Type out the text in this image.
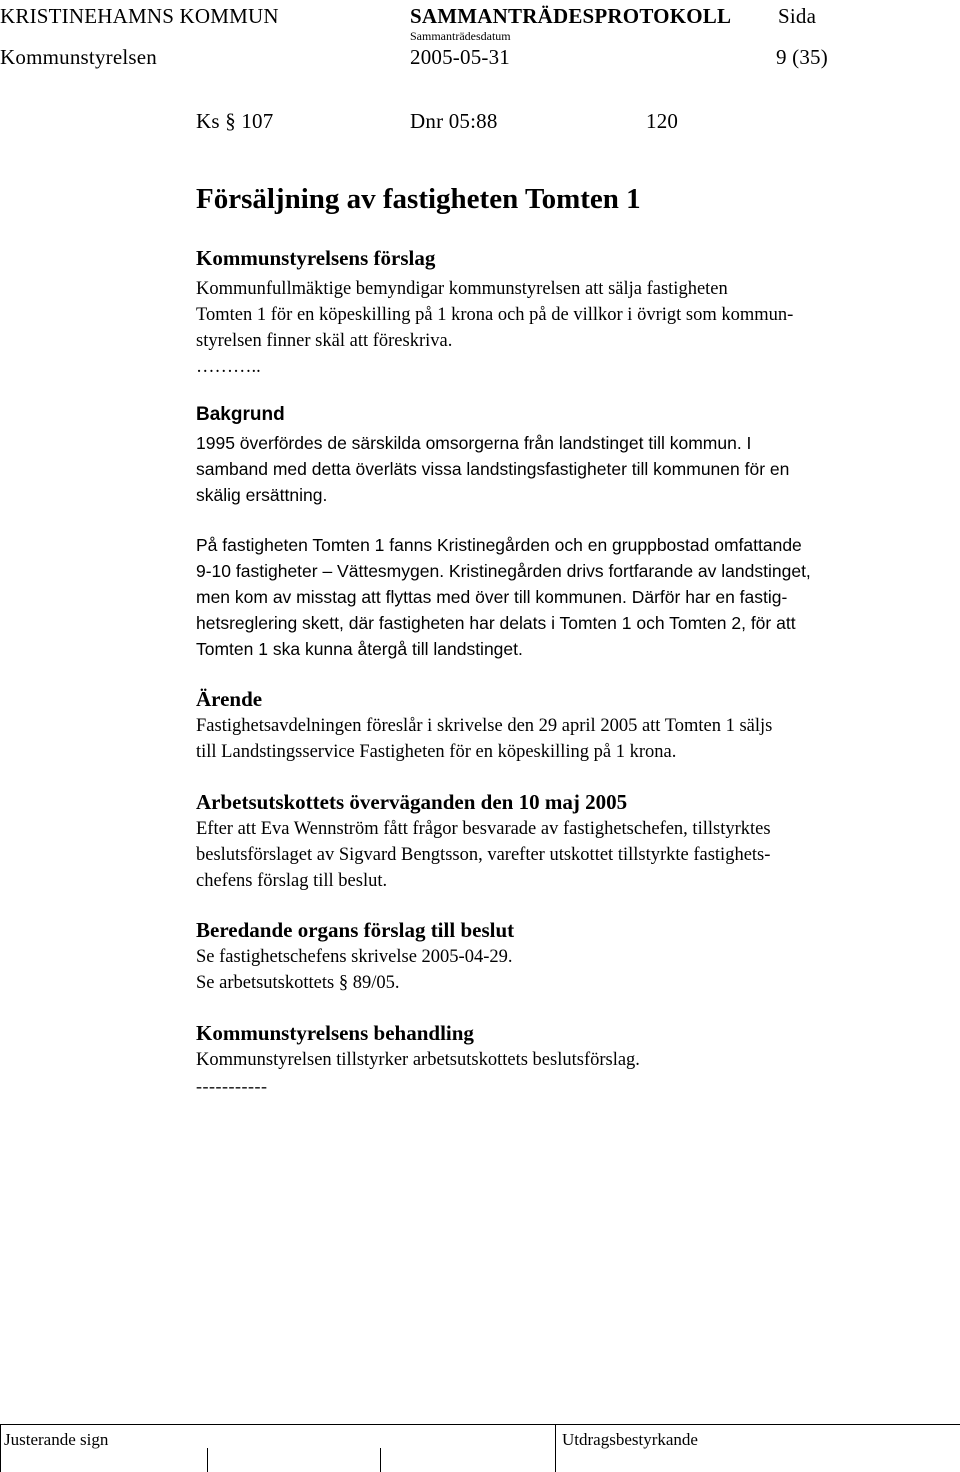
KRISTINEHAMNS KOMMUN	SAMMANTRÄDESPROTOKOLL Sida
Sammanträdesdatum
Kommunstyrelsen	2005-05-31	9 (35)
Ks § 107	Dnr 05:88	120
Försäljning av fastigheten Tomten 1
Kommunstyrelsens förslag
Kommunfullmäktige bemyndigar kommunstyrelsen att sälja fastigheten
Tomten 1 för en köpeskilling på 1 krona och på de villkor i övrigt som kommun-
styrelsen finner skäl att föreskriva.
………..
Bakgrund
1995 överfördes de särskilda omsorgerna från landstinget till kommun. I
samband med detta överläts vissa landstingsfastigheter till kommunen för en
skälig ersättning.
På fastigheten Tomten 1 fanns Kristinegården och en gruppbostad omfattande
9-10 fastigheter – Vättesmygen. Kristinegården drivs fortfarande av landstinget,
men kom av misstag att flyttas med över till kommunen. Därför har en fastig-
hetsreglering skett, där fastigheten har delats i Tomten 1 och Tomten 2, för att
Tomten 1 ska kunna återgå till landstinget.
Ärende
Fastighetsavdelningen föreslår i skrivelse den 29 april 2005 att Tomten 1 säljs
till Landstingsservice Fastigheten för en köpeskilling på 1 krona.
Arbetsutskottets överväganden den 10 maj 2005
Efter att Eva Wennström fått frågor besvarade av fastighetschefen, tillstyrktes
beslutsförslaget av Sigvard Bengtsson, varefter utskottet tillstyrkte fastighets-
chefens förslag till beslut.
Beredande organs förslag till beslut
Se fastighetschefens skrivelse 2005-04-29.
Se arbetsutskottets § 89/05.
Kommunstyrelsens behandling
Kommunstyrelsen tillstyrker arbetsutskottets beslutsförslag.
-----------
Justerande sign	Utdragsbestyrkande
